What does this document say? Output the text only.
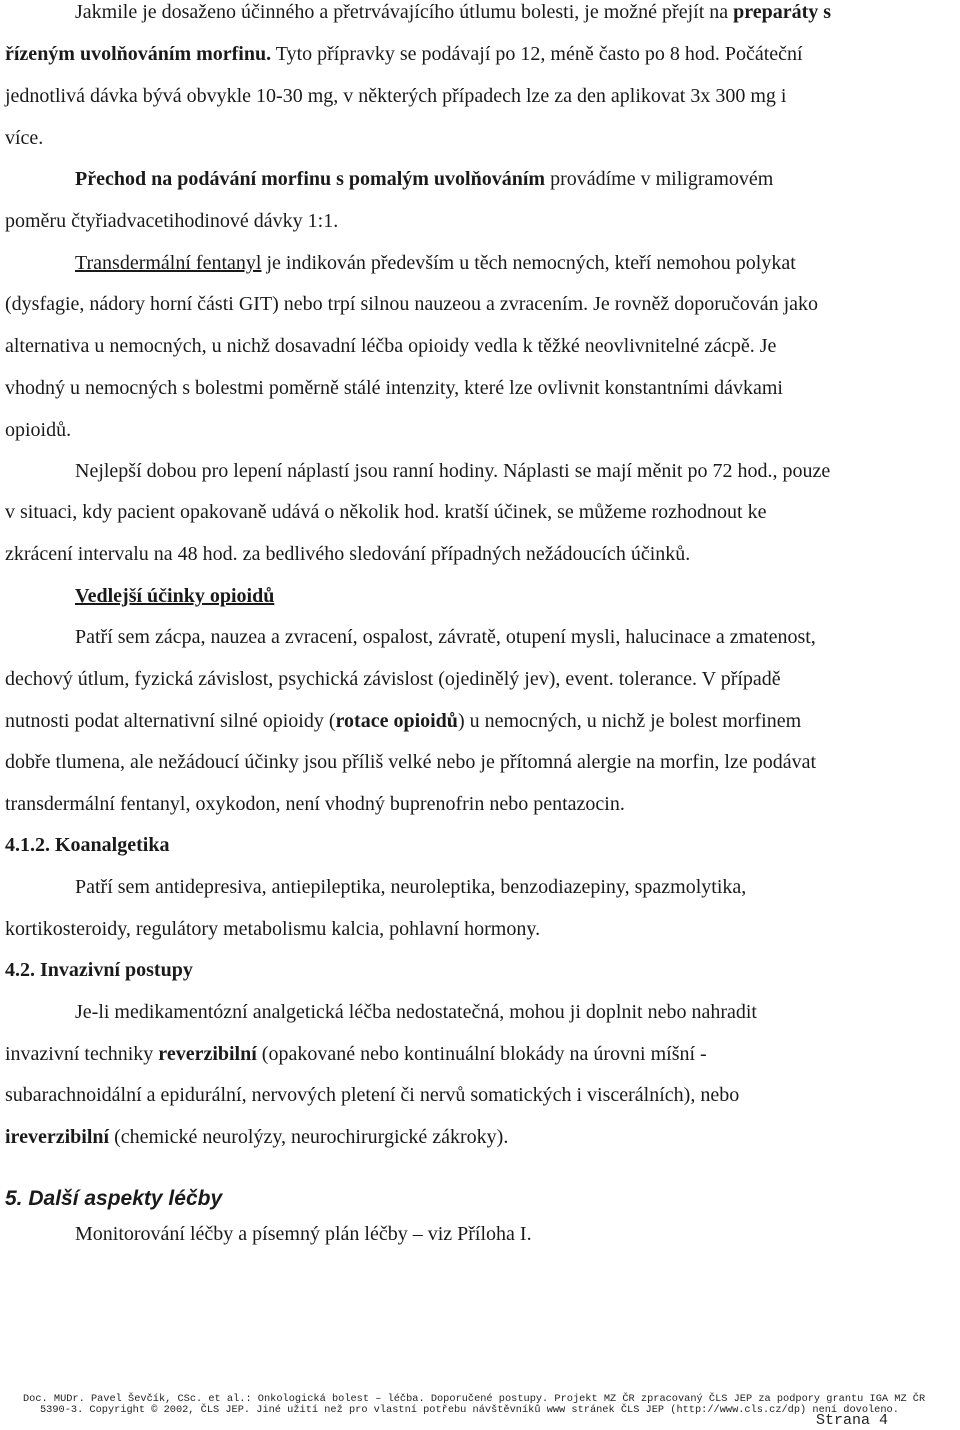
Jakmile je dosaženo účinného a přetrvávajícího útlumu bolesti, je možné přejít na preparáty s
řízeným uvolňováním morfinu. Tyto přípravky se podávají po 12, méně často po 8 hod. Počáteční
jednotlivá dávka bývá obvykle 10-30 mg, v některých případech lze za den aplikovat 3x 300 mg i
více.
Přechod na podávání morfinu s pomalým uvolňováním provádíme v miligramovém
poměru čtyřiadvacetihodinové dávky 1:1.
Transdermální fentanyl je indikován především u těch nemocných, kteří nemohou polykat
(dysfagie, nádory horní části GIT) nebo trpí silnou nauzeou a zvracením. Je rovněž doporučován jako
alternativa u nemocných, u nichž dosavadní léčba opioidy vedla k těžké neovlivnitelné zácpě. Je
vhodný u nemocných s bolestmi poměrně stálé intenzity, které lze ovlivnit konstantními dávkami
opioidů.
Nejlepší dobou pro lepení náplastí jsou ranní hodiny. Náplasti se mají měnit po 72 hod., pouze
v situaci, kdy pacient opakovaně udává o několik hod. kratší účinek, se můžeme rozhodnout ke
zkrácení intervalu na 48 hod. za bedlivého sledování případných nežádoucích účinků.
Vedlejší účinky opioidů
Patří sem zácpa, nauzea a zvracení, ospalost, závratě, otupení mysli, halucinace a zmatenost,
dechový útlum, fyzická závislost, psychická závislost (ojedinělý jev), event. tolerance. V případě
nutnosti podat alternativní silné opioidy (rotace opioidů) u nemocných, u nichž je bolest morfinem
dobře tlumena, ale nežádoucí účinky jsou příliš velké nebo je přítomná alergie na morfin, lze podávat
transdermální fentanyl, oxykodon, není vhodný buprenofrin nebo pentazocin.
4.1.2. Koanalgetika
Patří sem antidepresiva, antiepileptika, neuroleptika, benzodiazepiny, spazmolytika,
kortikosteroidy, regulátory metabolismu kalcia, pohlavní hormony.
4.2. Invazivní postupy
Je-li medikamentózní analgetická léčba nedostatečná, mohou ji doplnit nebo nahradit
invazivní techniky reverzibilní (opakované nebo kontinuální blokády na úrovni míšní -
subarachnoidální a epidurální, nervových pletení či nervů somatických i viscerálních), nebo
ireverzibilní (chemické neurolýzy, neurochirurgické zákroky).
5. Další aspekty léčby
Monitorování léčby a písemný plán léčby – viz Příloha I.
Doc. MUDr. Pavel Ševčík, CSc. et al.: Onkologická bolest – léčba. Doporučené postupy. Projekt MZ ČR zpracovaný ČLS JEP za podpory grantu IGA MZ ČR
5390-3. Copyright © 2002, ČLS JEP. Jiné užití než pro vlastní potřebu návštěvníků www stránek ČLS JEP (http://www.cls.cz/dp) není dovoleno.
Strana 4
